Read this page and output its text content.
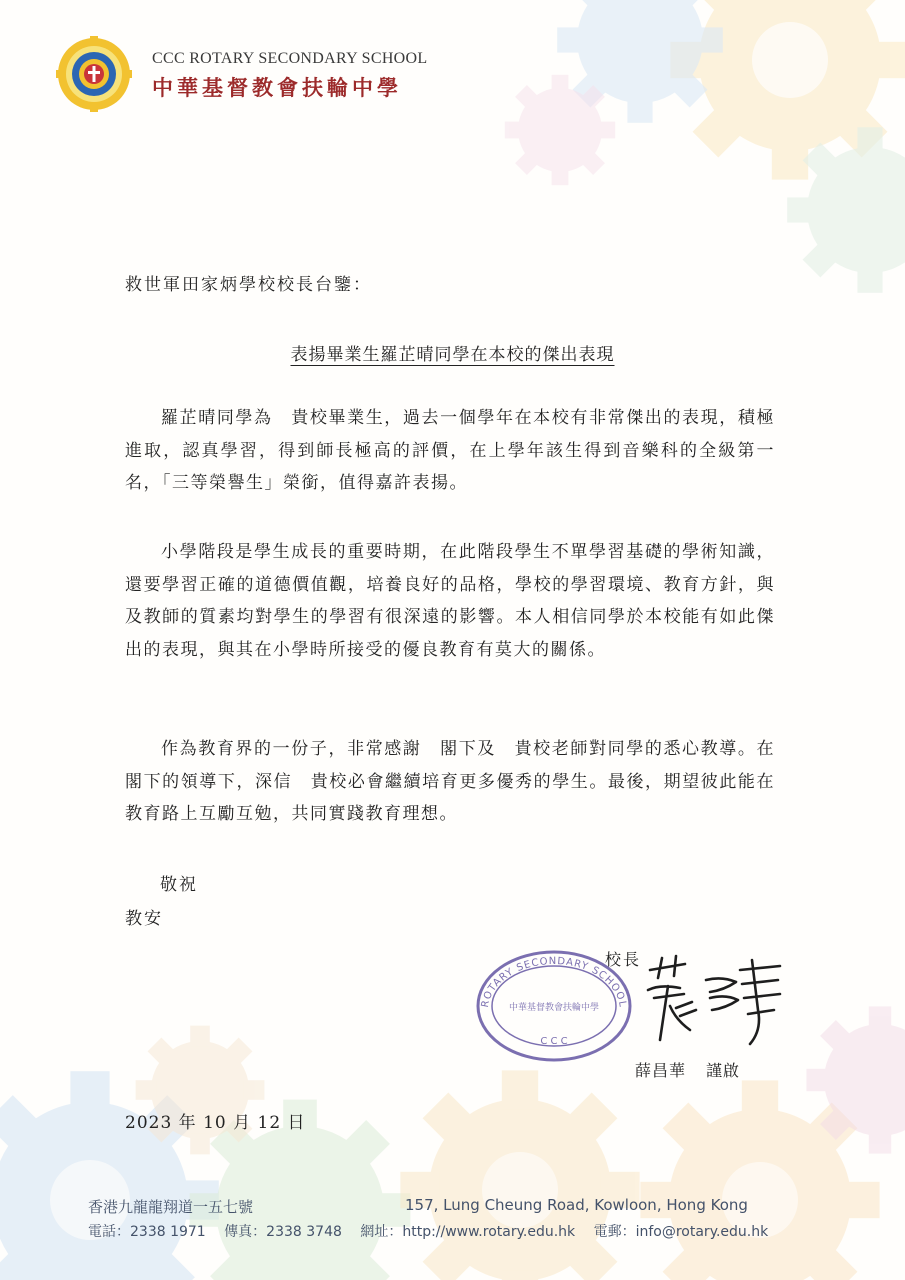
CCC ROTARY SECONDARY SCHOOL
中華基督教會扶輪中學
救世軍田家炳學校校長台鑒：
表揚畢業生羅芷晴同學在本校的傑出表現
羅芷晴同學為　貴校畢業生，過去一個學年在本校有非常傑出的表現，積極進取，認真學習，得到師長極高的評價，在上學年該生得到音樂科的全級第一名，「三等榮譽生」榮銜，值得嘉許表揚。
小學階段是學生成長的重要時期，在此階段學生不單學習基礎的學術知識，還要學習正確的道德價值觀，培養良好的品格，學校的學習環境、教育方針，與及教師的質素均對學生的學習有很深遠的影響。本人相信同學於本校能有如此傑出的表現，與其在小學時所接受的優良教育有莫大的關係。
作為教育界的一份子，非常感謝　閣下及　貴校老師對同學的悉心教導。在　閣下的領導下，深信　貴校必會繼續培育更多優秀的學生。最後，期望彼此能在教育路上互勵互勉，共同實踐教育理想。
敬祝
教安
ROTARY SECONDARY SCHOOL
中華基督教會扶輪中學
C C C
校長
薛昌華 謹啟
2023 年 10 月 12 日
香港九龍龍翔道一五七號	157, Lung Cheung Road, Kowloon, Hong Kong
電話：2338 1971 傳真：2338 3748 網址：http://www.rotary.edu.hk 電郵：info@rotary.edu.hk
